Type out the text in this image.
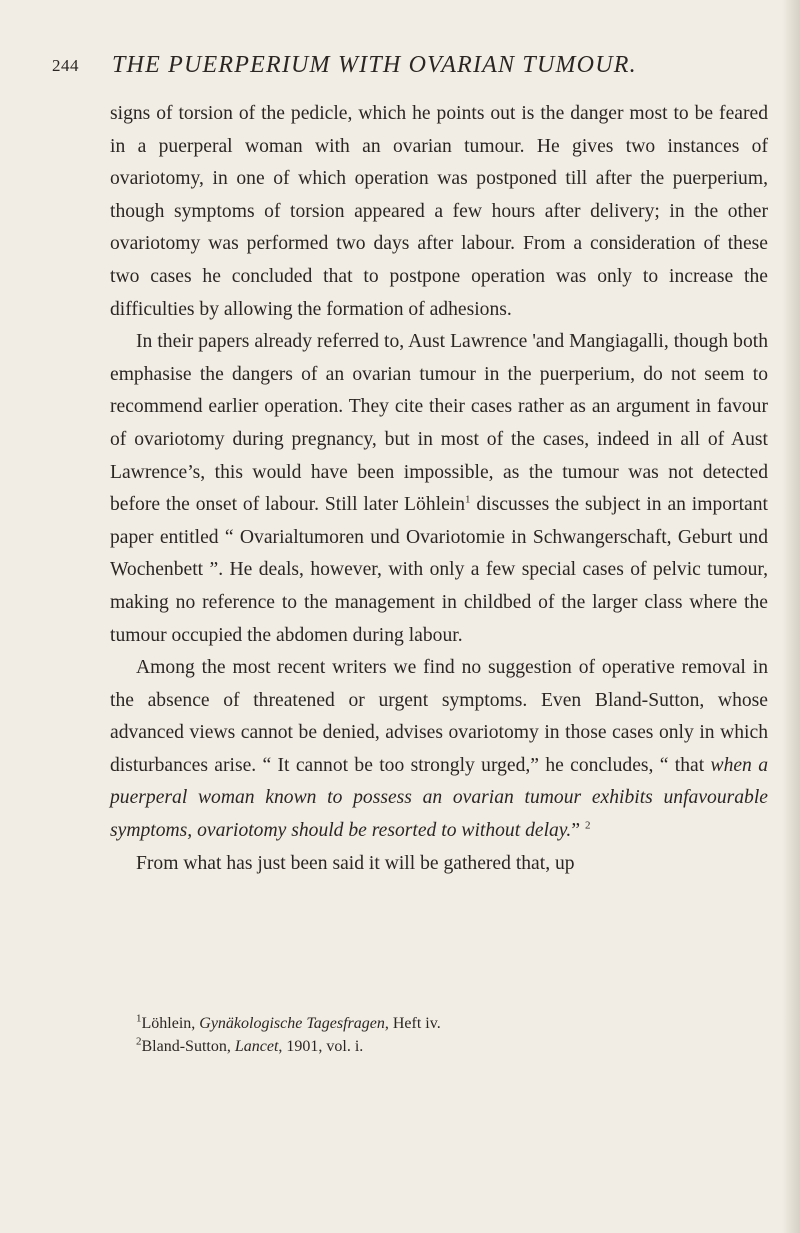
244 THE PUERPERIUM WITH OVARIAN TUMOUR.

signs of torsion of the pedicle, which he points out is the danger most to be feared in a puerperal woman with an ovarian tumour. He gives two instances of ovariotomy, in one of which operation was postponed till after the puerperium, though symptoms of torsion appeared a few hours after delivery; in the other ovariotomy was performed two days after labour. From a consideration of these two cases he concluded that to postpone operation was only to increase the difficulties by allowing the formation of adhesions.

In their papers already referred to, Aust Lawrence 'and Mangiagalli, though both emphasise the dangers of an ovarian tumour in the puerperium, do not seem to recommend earlier operation. They cite their cases rather as an argument in favour of ovariotomy during pregnancy, but in most of the cases, indeed in all of Aust Lawrence’s, this would have been impossible, as the tumour was not detected before the onset of labour. Still later Löhlein$^1$ discusses the subject in an important paper entitled “ Ovarialtumoren und Ovariotomie in Schwangerschaft, Geburt und Wochenbett ”. He deals, however, with only a few special cases of pelvic tumour, making no reference to the management in childbed of the larger class where the tumour occupied the abdomen during labour.

Among the most recent writers we find no suggestion of operative removal in the absence of threatened or urgent symptoms. Even Bland-Sutton, whose advanced views cannot be denied, advises ovariotomy in those cases only in which disturbances arise. “ It cannot be too strongly urged,” he concludes, “ that when a puerperal woman known to possess an ovarian tumour exhibits unfavourable symptoms, ovariotomy should be resorted to without delay.” $^2$

From what has just been said it will be gathered that, up

$^1$Löhlein, Gynäkologische Tagesfragen, Heft iv.
$^2$Bland-Sutton, Lancet, 1901, vol. i.
